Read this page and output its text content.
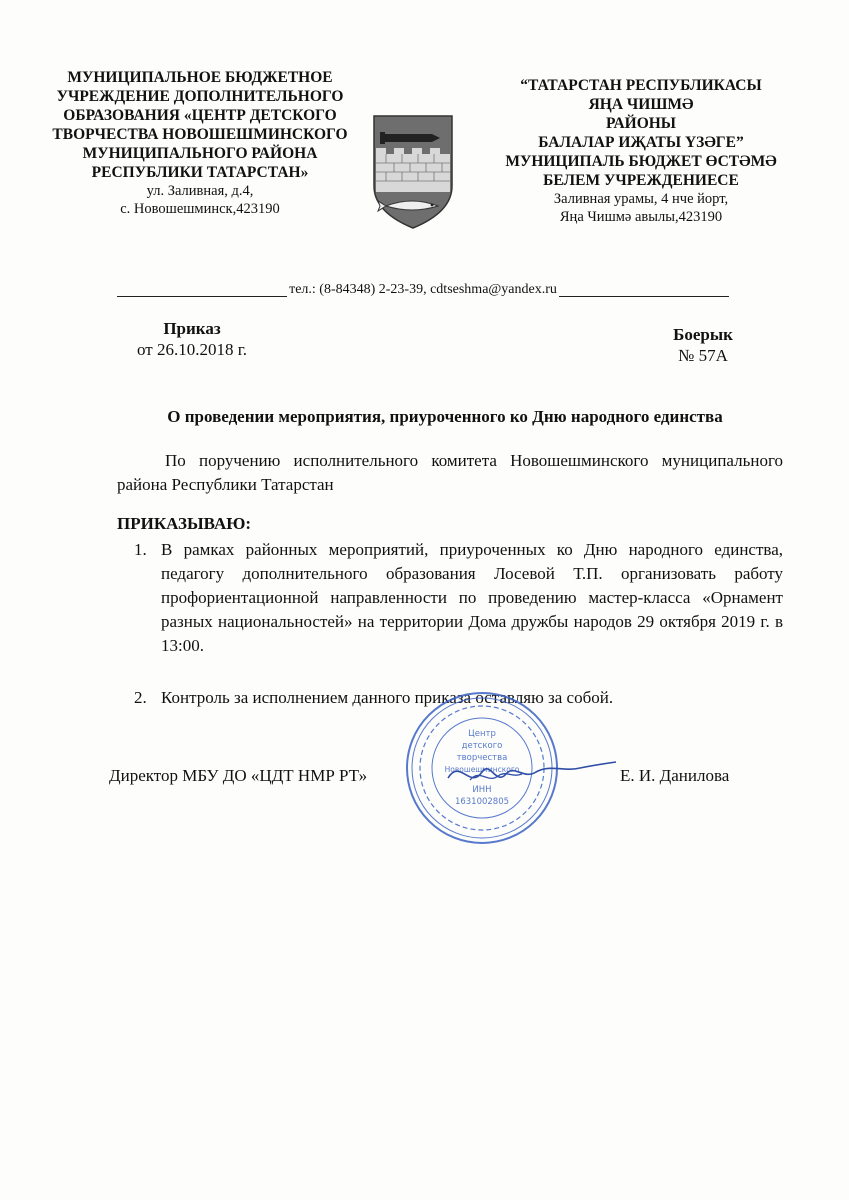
МУНИЦИПАЛЬНОЕ БЮДЖЕТНОЕ
УЧРЕЖДЕНИЕ ДОПОЛНИТЕЛЬНОГО
ОБРАЗОВАНИЯ «ЦЕНТР ДЕТСКОГО
ТВОРЧЕСТВА НОВОШЕШМИНСКОГО
МУНИЦИПАЛЬНОГО РАЙОНА
РЕСПУБЛИКИ ТАТАРСТАН»
ул. Заливная, д.4,
с. Новошешминск,423190
“ТАТАРСТАН РЕСПУБЛИКАСЫ
ЯҢА ЧИШМӘ
РАЙОНЫ
БАЛАЛАР ИҖАТЫ ҮЗӘГЕ”
МУНИЦИПАЛЬ БЮДЖЕТ ӨСТӘМӘ
БЕЛЕМ УЧРЕЖДЕНИЕСЕ
Заливная урамы, 4 нче йорт,
Яңа Чишмә авылы,423190
тел.: (8-84348) 2-23-39, cdtseshma@yandex.ru
Приказ
от 26.10.2018 г.
Боерык
№ 57А
О проведении мероприятия, приуроченного ко Дню народного единства
По поручению исполнительного комитета Новошешминского муниципального района Республики Татарстан
ПРИКАЗЫВАЮ:
1. В рамках районных мероприятий, приуроченных ко Дню народного единства, педагогу дополнительного образования Лосевой Т.П. организовать работу профориентационной направленности по проведению мастер-класса «Орнамент разных национальностей» на территории Дома дружбы народов 29 октября 2019 г. в 13:00.
2. Контроль за исполнением данного приказа оставляю за собой.
Директор МБУ ДО «ЦДТ НМР РТ»	Е. И. Данилова
Центр
детского
творчества
Новошешминского
ИНН
1631002805
